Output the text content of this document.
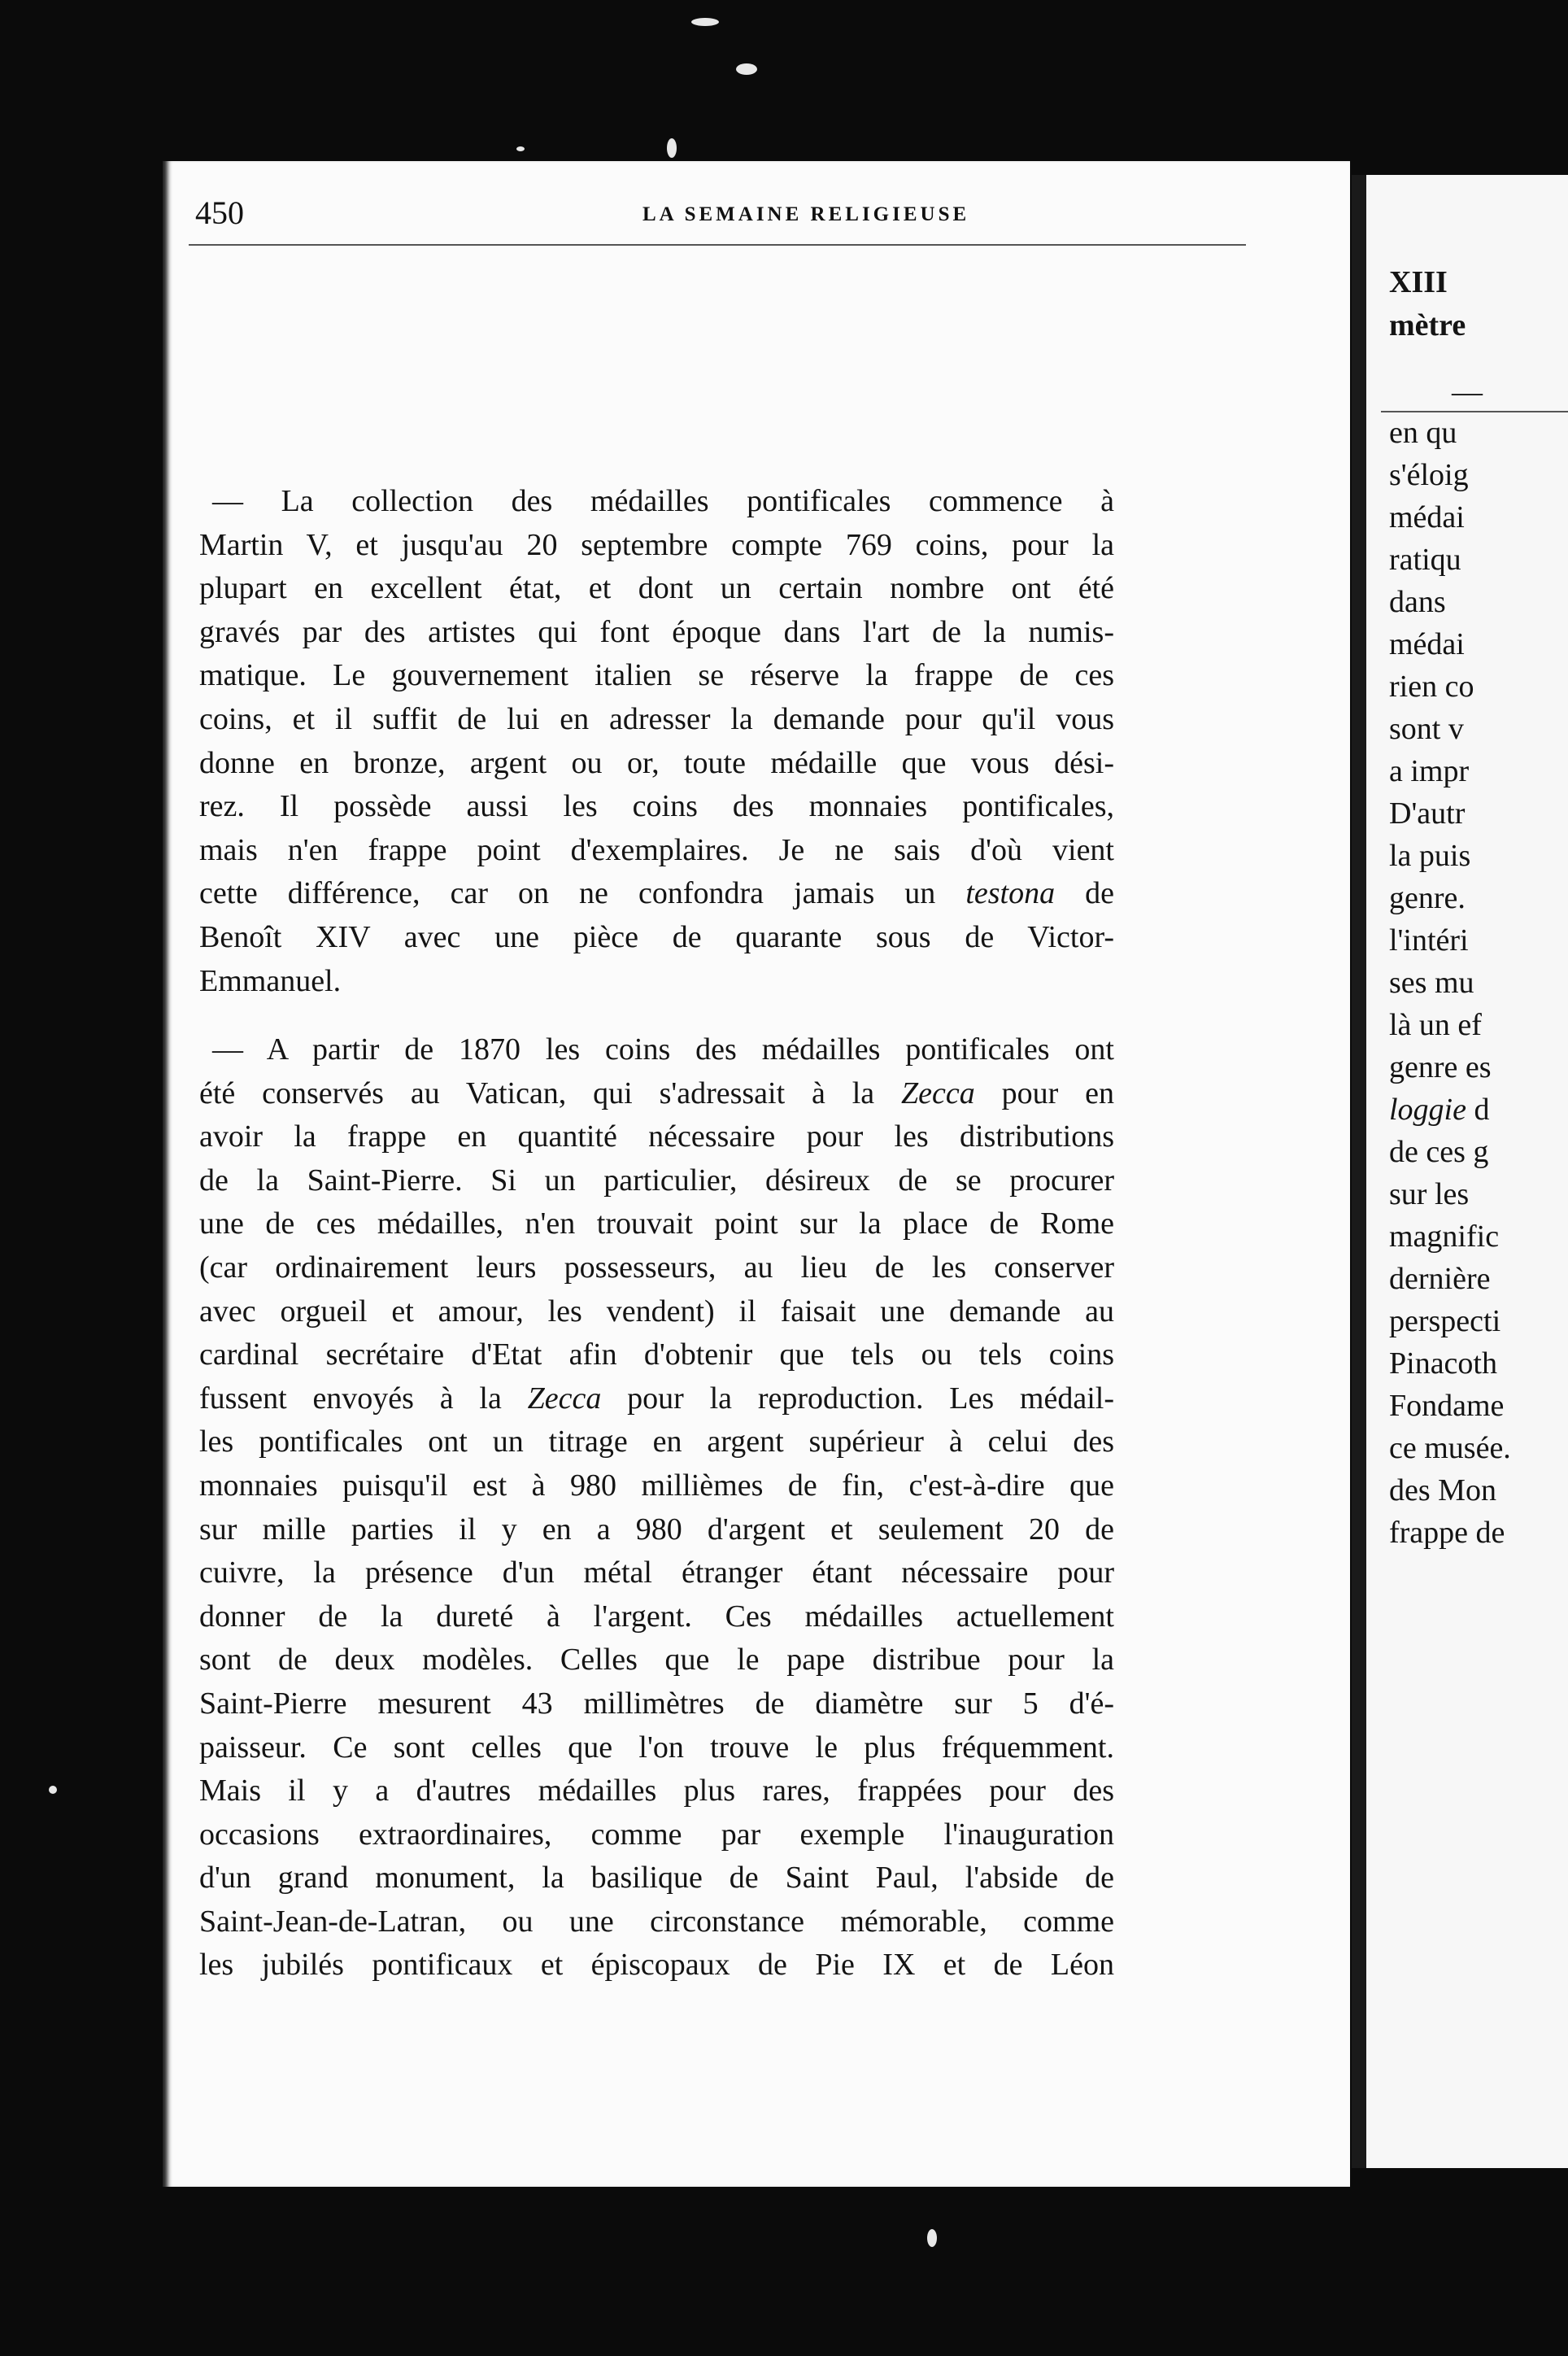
450	LA SEMAINE RELIGIEUSE
— La collection des médailles pontificales commence à
Martin V, et jusqu'au 20 septembre compte 769 coins, pour la
plupart en excellent état, et dont un certain nombre ont été
gravés par des artistes qui font époque dans l'art de la numis-
matique. Le gouvernement italien se réserve la frappe de ces
coins, et il suffit de lui en adresser la demande pour qu'il vous
donne en bronze, argent ou or, toute médaille que vous dési-
rez. Il possède aussi les coins des monnaies pontificales,
mais n'en frappe point d'exemplaires. Je ne sais d'où vient
cette différence, car on ne confondra jamais un testona de
Benoît XIV avec une pièce de quarante sous de Victor-
Emmanuel.
— A partir de 1870 les coins des médailles pontificales ont
été conservés au Vatican, qui s'adressait à la Zecca pour en
avoir la frappe en quantité nécessaire pour les distributions
de la Saint-Pierre. Si un particulier, désireux de se procurer
une de ces médailles, n'en trouvait point sur la place de Rome
(car ordinairement leurs possesseurs, au lieu de les conserver
avec orgueil et amour, les vendent) il faisait une demande au
cardinal secrétaire d'Etat afin d'obtenir que tels ou tels coins
fussent envoyés à la Zecca pour la reproduction. Les médail-
les pontificales ont un titrage en argent supérieur à celui des
monnaies puisqu'il est à 980 millièmes de fin, c'est-à-dire que
sur mille parties il y en a 980 d'argent et seulement 20 de
cuivre, la présence d'un métal étranger étant nécessaire pour
donner de la dureté à l'argent. Ces médailles actuellement
sont de deux modèles. Celles que le pape distribue pour la
Saint-Pierre mesurent 43 millimètres de diamètre sur 5 d'é-
paisseur. Ce sont celles que l'on trouve le plus fréquemment.
Mais il y a d'autres médailles plus rares, frappées pour des
occasions extraordinaires, comme par exemple l'inauguration
d'un grand monument, la basilique de Saint Paul, l'abside de
Saint-Jean-de-Latran, ou une circonstance mémorable, comme
les jubilés pontificaux et épiscopaux de Pie IX et de Léon
XIII
mètre
—
en qu
s'éloig
médai
ratiqu
dans
médai
rien co
sont v
a impr
D'autr
la puis
genre.
l'intéri
ses mu
là un ef
genre es
loggie d
de ces g
sur les
magnific
dernière
perspecti
Pinacoth
Fondame
ce musée.
des Mon
frappe de
